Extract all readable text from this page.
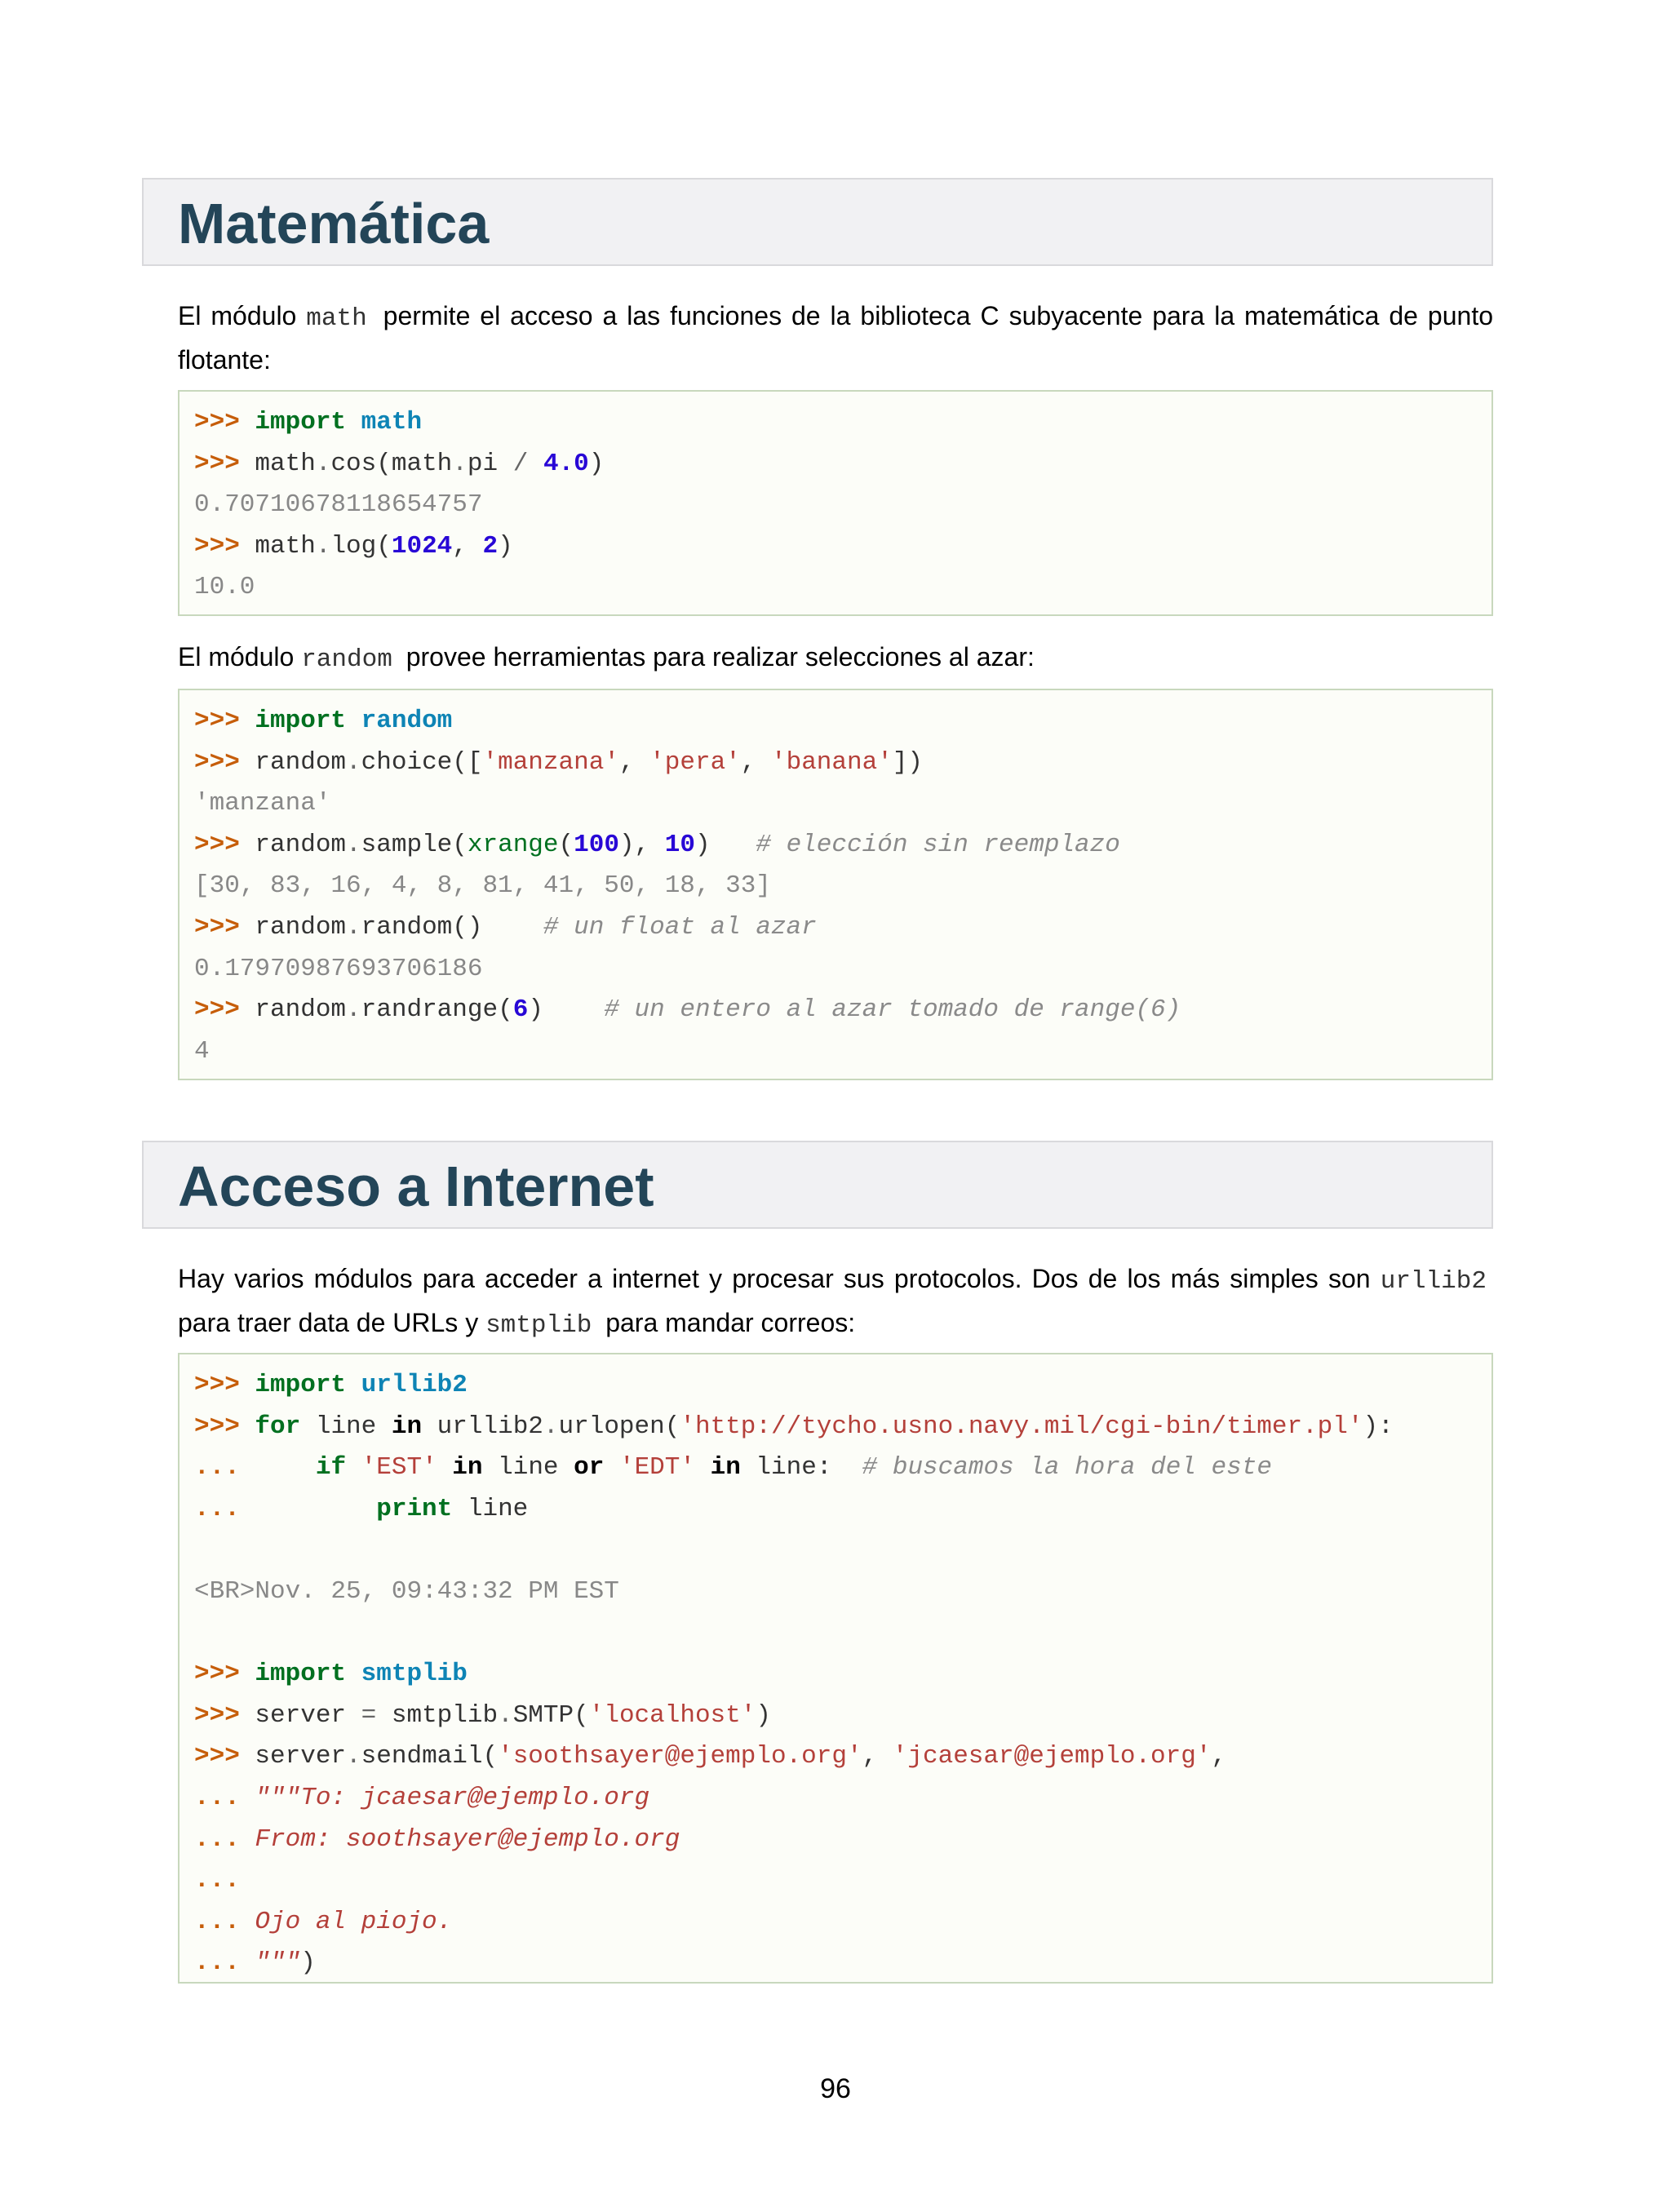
Matemática

El módulo math permite el acceso a las funciones de la biblioteca C subyacente para la matemática de punto flotante:

>>> import math
>>> math.cos(math.pi / 4.0)
0.70710678118654757
>>> math.log(1024, 2)
10.0

El módulo random provee herramientas para realizar selecciones al azar:

>>> import random
>>> random.choice(['manzana', 'pera', 'banana'])
'manzana'
>>> random.sample(xrange(100), 10)   # elección sin reemplazo
[30, 83, 16, 4, 8, 81, 41, 50, 18, 33]
>>> random.random()    # un float al azar
0.17970987693706186
>>> random.randrange(6)    # un entero al azar tomado de range(6)
4
Acceso a Internet

Hay varios módulos para acceder a internet y procesar sus protocolos. Dos de los más simples son urllib2 para traer data de URLs y smtplib para mandar correos:

>>> import urllib2
>>> for line in urllib2.urlopen('http://tycho.usno.navy.mil/cgi-bin/timer.pl'):
...     if 'EST' in line or 'EDT' in line:  # buscamos la hora del este
...	print line
<BR>Nov. 25, 09:43:32 PM EST
>>> import smtplib
>>> server = smtplib.SMTP('localhost')
>>> server.sendmail('soothsayer@ejemplo.org', 'jcaesar@ejemplo.org',
... """To: jcaesar@ejemplo.org
... From: soothsayer@ejemplo.org
...
... Ojo al piojo.
... """)
96
